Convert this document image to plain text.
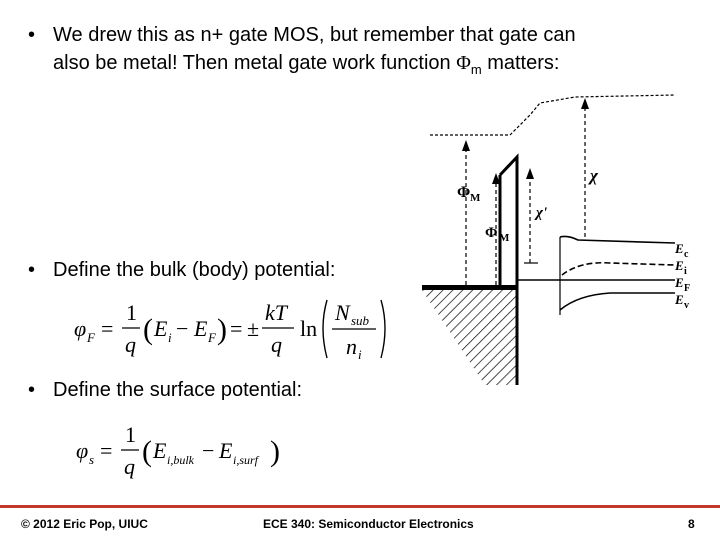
• We drew this as n+ gate MOS, but remember that gate can
also be metal! Then metal gate work function $\Phi_m$ matters:
• Define the bulk (body) potential:
φ F =
1
q ( E i − E F ) = ±
kT
q
ln
N sub
n i
• Define the surface potential:
φ s =
1
q ( E i,bulk − E i,surf )
Φ M
Φ'
M
χ
χ'
E c
E i
E F
E v
© 2012 Eric Pop, UIUC	ECE 340: Semiconductor Electronics	8
